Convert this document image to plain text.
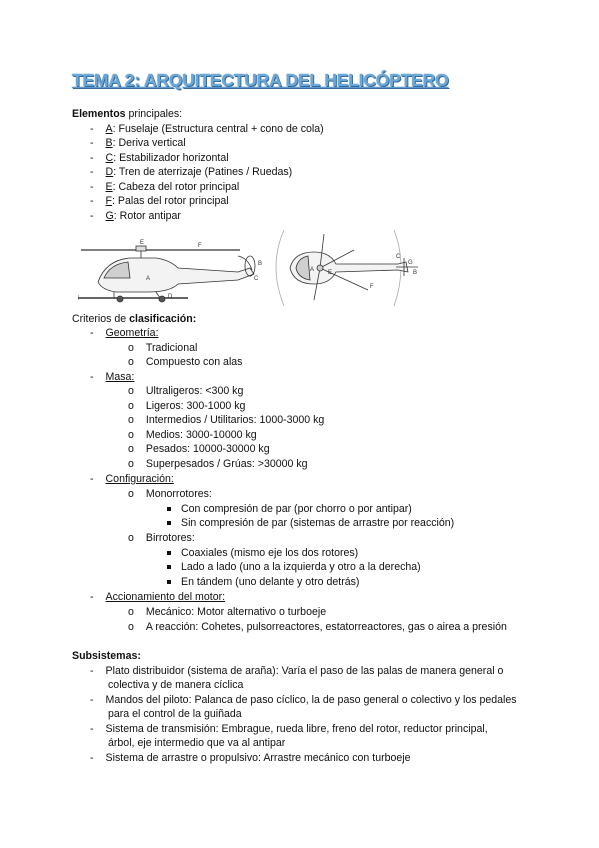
TEMA 2: ARQUITECTURA DEL HELICÓPTERO
Elementos principales:
- A: Fuselaje (Estructura central + cono de cola)
- B: Deriva vertical
- C: Estabilizador horizontal
- D: Tren de aterrizaje (Patines / Ruedas)
- E: Cabeza del rotor principal
- F: Palas del rotor principal
- G: Rotor antipar
E	F
A
B
C
D
A E
C
G
B
F
Criterios de clasificación:
- Geometría:
o Tradicional
o Compuesto con alas
- Masa:
o Ultraligeros: <300 kg
o Ligeros: 300-1000 kg
o Intermedios / Utilitarios: 1000-3000 kg
o Medios: 3000-10000 kg
o Pesados: 10000-30000 kg
o Superpesados / Grúas: >30000 kg
- Configuración:
o Monorrotores:
Con compresión de par (por chorro o por antipar)
Sin compresión de par (sistemas de arrastre por reacción)
o Birrotores:
Coaxiales (mismo eje los dos rotores)
Lado a lado (uno a la izquierda y otro a la derecha)
En tándem (uno delante y otro detrás)
- Accionamiento del motor:
o Mecánico: Motor alternativo o turboeje
o A reacción: Cohetes, pulsorreactores, estatorreactores, gas o airea a presión
Subsistemas:
- Plato distribuidor (sistema de araña): Varía el paso de las palas de manera general o
colectiva y de manera cíclica
- Mandos del piloto: Palanca de paso cíclico, la de paso general o colectivo y los pedales
para el control de la guiñada
- Sistema de transmisión: Embrague, rueda libre, freno del rotor, reductor principal,
árbol, eje intermedio que va al antipar
- Sistema de arrastre o propulsivo: Arrastre mecánico con turboeje
